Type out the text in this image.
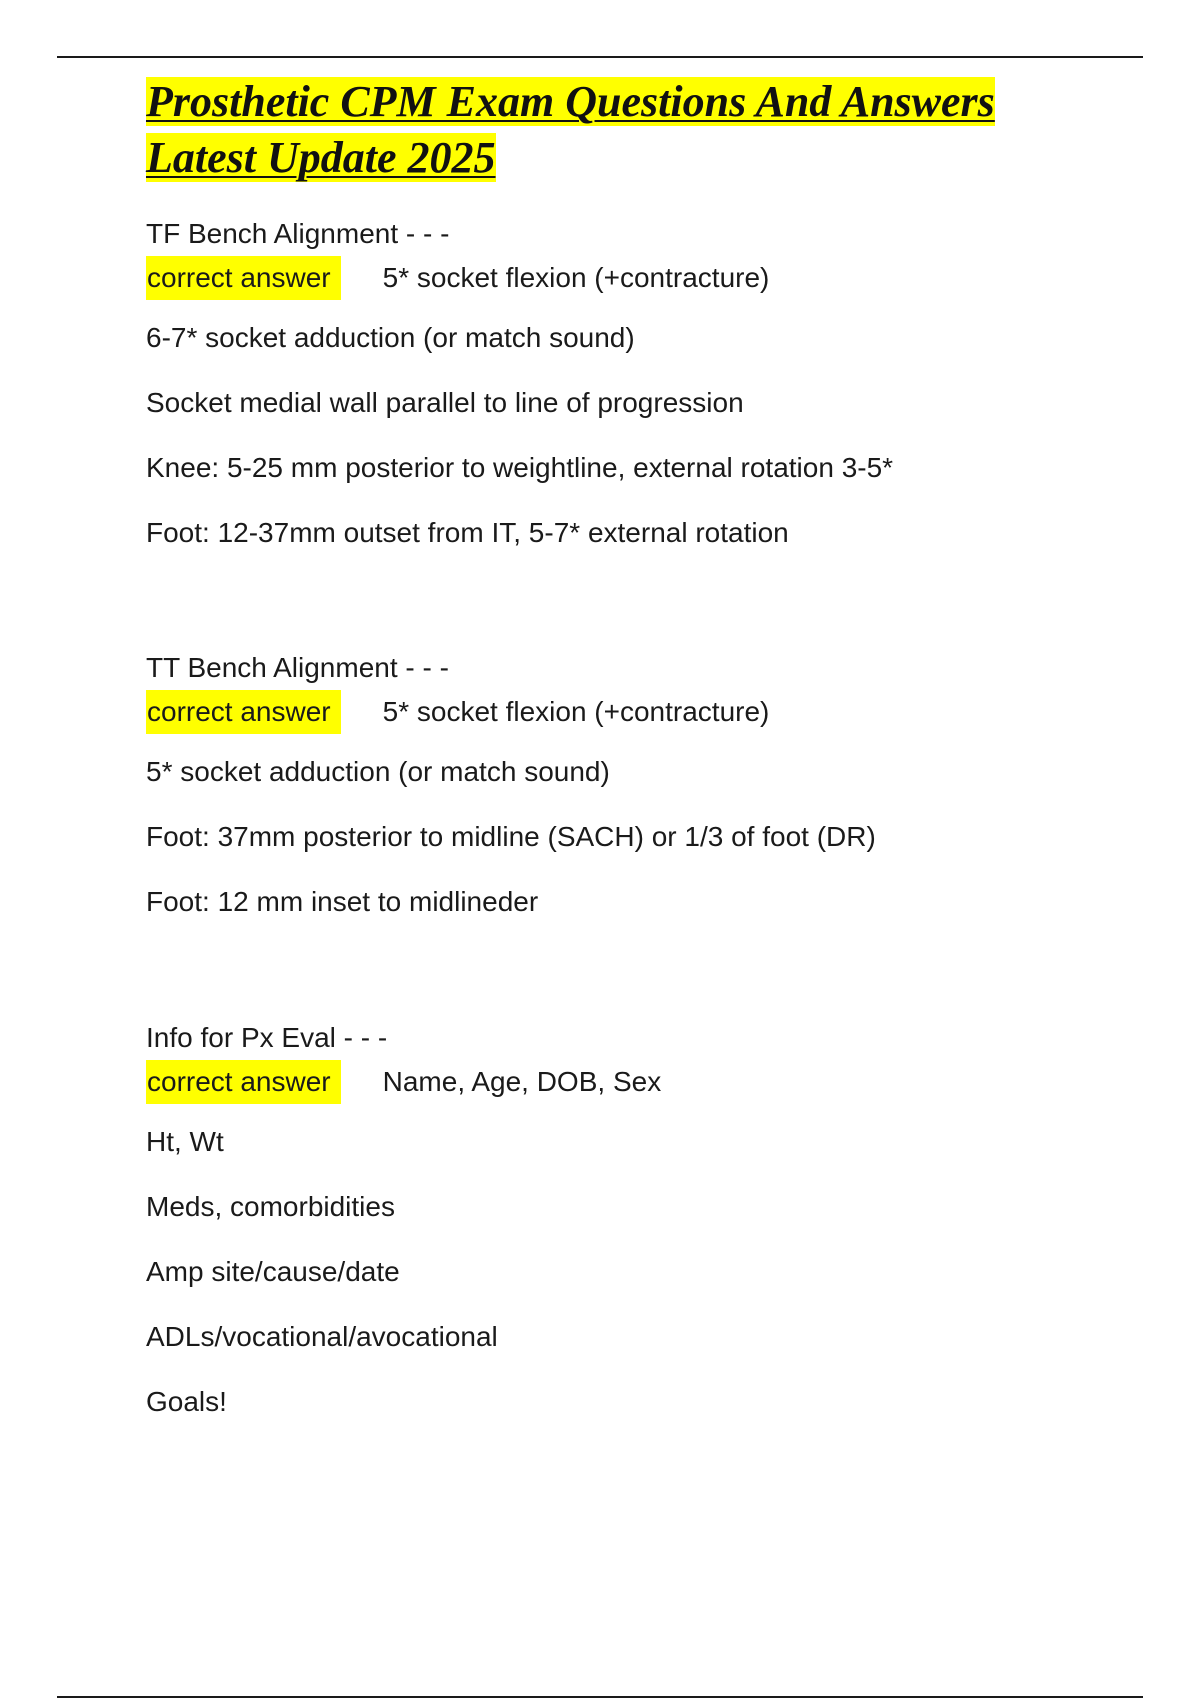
Prosthetic CPM Exam Questions And Answers
Latest Update 2025
TF Bench Alignment - - -
correct answer	5* socket flexion (+contracture)
6-7* socket adduction (or match sound)
Socket medial wall parallel to line of progression
Knee: 5-25 mm posterior to weightline, external rotation 3-5*
Foot: 12-37mm outset from IT, 5-7* external rotation
TT Bench Alignment - - -
correct answer	5* socket flexion (+contracture)
5* socket adduction (or match sound)
Foot: 37mm posterior to midline (SACH) or 1/3 of foot (DR)
Foot: 12 mm inset to midlineder
Info for Px Eval - - -
correct answer	Name, Age, DOB, Sex
Ht, Wt
Meds, comorbidities
Amp site/cause/date
ADLs/vocational/avocational
Goals!
